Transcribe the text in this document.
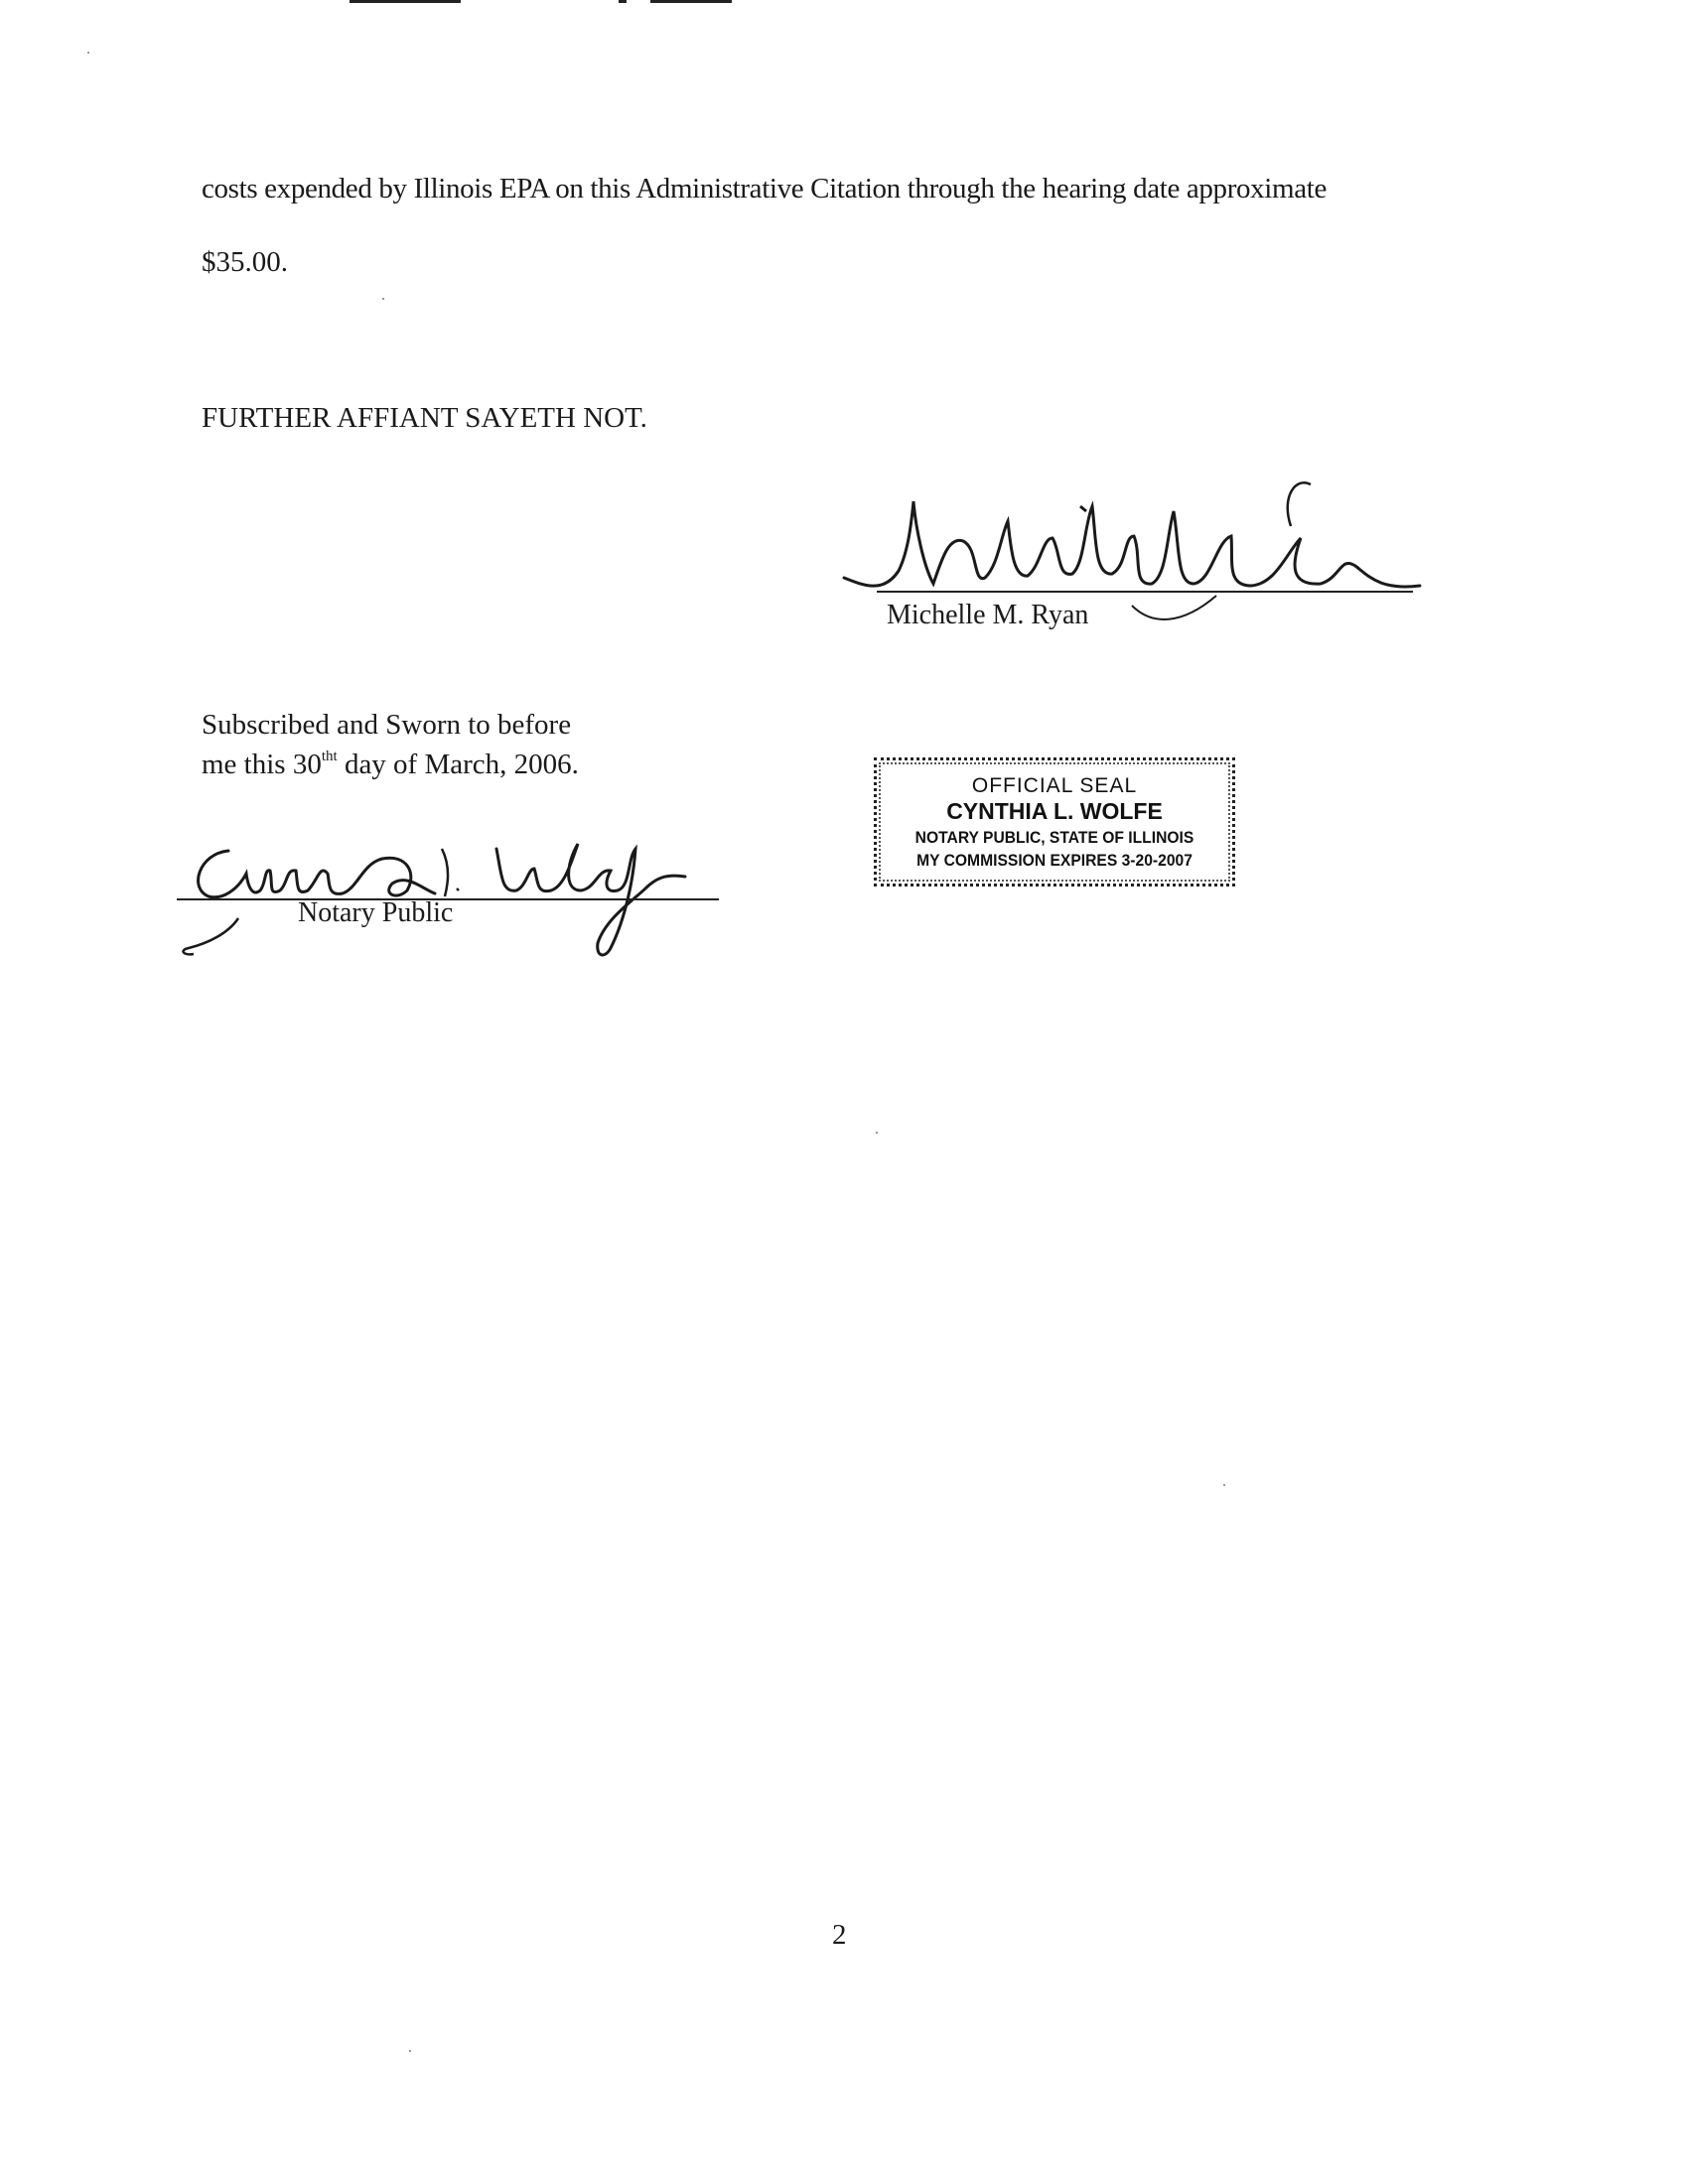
costs expended by Illinois EPA on this Administrative Citation through the hearing date approximate
$35.00.
FURTHER AFFIANT SAYETH NOT.
Michelle M. Ryan
Subscribed and Sworn to before
me this $30^{tht}$ day of March, 2006.
Notary Public
OFFICIAL SEAL
CYNTHIA L. WOLFE
NOTARY PUBLIC, STATE OF ILLINOIS
MY COMMISSION EXPIRES 3-20-2007
2
